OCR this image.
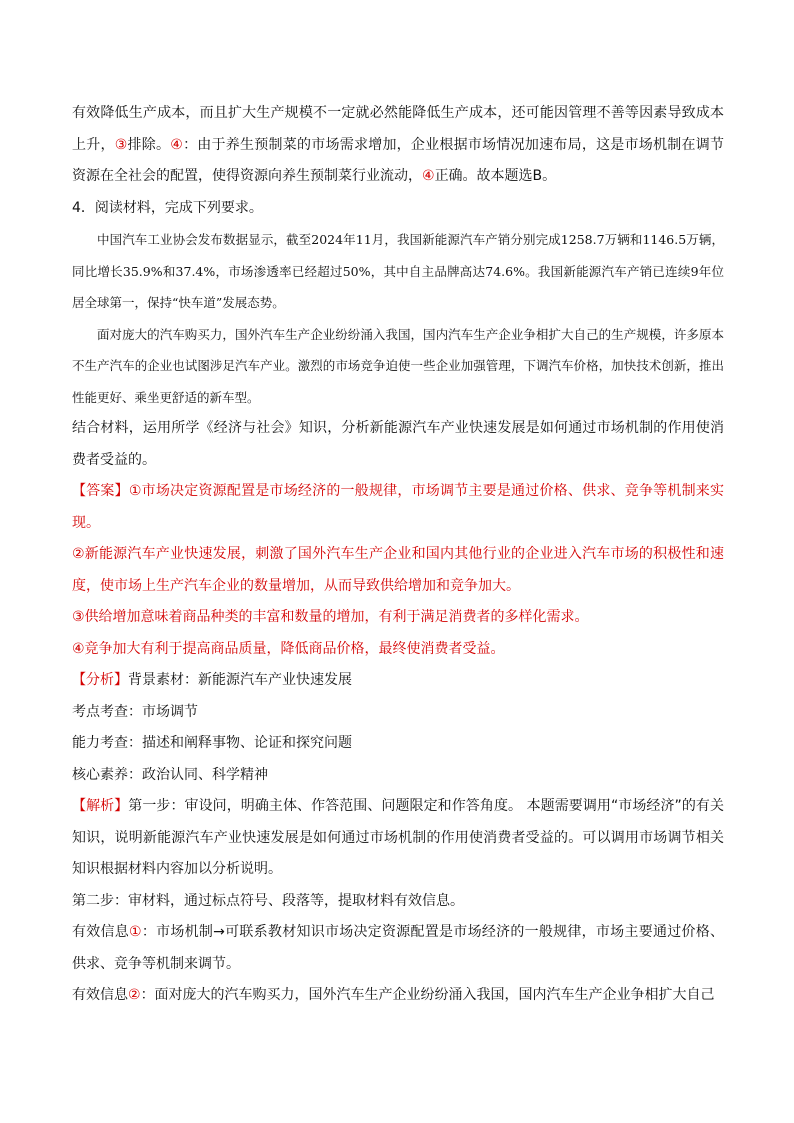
有效降低生产成本，而且扩大生产规模不一定就必然能降低生产成本，还可能因管理不善等因素导致成本上升，③排除。④：由于养生预制菜的市场需求增加，企业根据市场情况加速布局，这是市场机制在调节资源在全社会的配置，使得资源向养生预制菜行业流动，④正确。故本题选B。

4．阅读材料，完成下列要求。

中国汽车工业协会发布数据显示，截至2024年11月，我国新能源汽车产销分别完成1258.7万辆和1146.5万辆，同比增长35.9%和37.4%，市场渗透率已经超过50%，其中自主品牌高达74.6%。我国新能源汽车产销已连续9年位居全球第一，保持“快车道”发展态势。

面对庞大的汽车购买力，国外汽车生产企业纷纷涌入我国，国内汽车生产企业争相扩大自己的生产规模，许多原本不生产汽车的企业也试图涉足汽车产业。激烈的市场竞争迫使一些企业加强管理，下调汽车价格，加快技术创新，推出性能更好、乘坐更舒适的新车型。

结合材料，运用所学《经济与社会》知识，分析新能源汽车产业快速发展是如何通过市场机制的作用使消费者受益的。

【答案】①市场决定资源配置是市场经济的一般规律，市场调节主要是通过价格、供求、竞争等机制来实现。

②新能源汽车产业快速发展，刺激了国外汽车生产企业和国内其他行业的企业进入汽车市场的积极性和速度，使市场上生产汽车企业的数量增加，从而导致供给增加和竞争加大。

③供给增加意味着商品种类的丰富和数量的增加，有利于满足消费者的多样化需求。

④竞争加大有利于提高商品质量，降低商品价格，最终使消费者受益。

【分析】背景素材：新能源汽车产业快速发展

考点考查：市场调节

能力考查：描述和阐释事物、论证和探究问题

核心素养：政治认同、科学精神

【解析】第一步：审设问，明确主体、作答范围、问题限定和作答角度。 本题需要调用“市场经济”的有关知识，说明新能源汽车产业快速发展是如何通过市场机制的作用使消费者受益的。可以调用市场调节相关知识根据材料内容加以分析说明。

第二步：审材料，通过标点符号、段落等，提取材料有效信息。

有效信息①：市场机制→可联系教材知识市场决定资源配置是市场经济的一般规律，市场主要通过价格、供求、竞争等机制来调节。

有效信息②：面对庞大的汽车购买力，国外汽车生产企业纷纷涌入我国，国内汽车生产企业争相扩大自己
